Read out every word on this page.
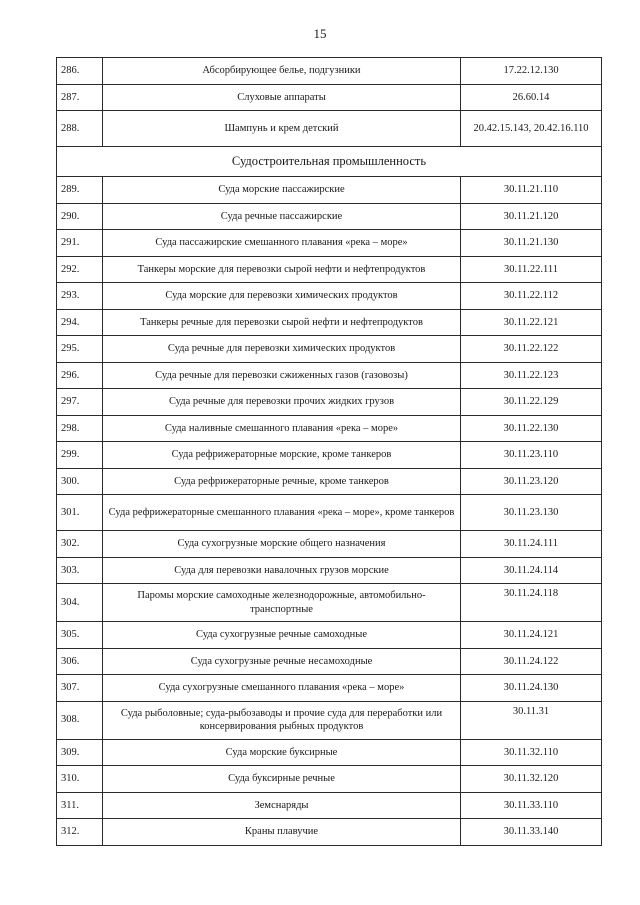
15
286.	Абсорбирующее белье, подгузники	17.22.12.130
287.	Слуховые аппараты	26.60.14
288.	Шампунь и крем детский	20.42.15.143, 20.42.16.110
Судостроительная промышленность		
289.	Суда морские пассажирские	30.11.21.110
290.	Суда речные пассажирские	30.11.21.120
291.	Суда пассажирские смешанного плавания «река – море»	30.11.21.130
292.	Танкеры морские для перевозки сырой нефти и нефтепродуктов	30.11.22.111
293.	Суда морские для перевозки химических продуктов	30.11.22.112
294.	Танкеры речные для перевозки сырой нефти и нефтепродуктов	30.11.22.121
295.	Суда речные для перевозки химических продуктов	30.11.22.122
296.	Суда речные для перевозки сжиженных газов (газовозы)	30.11.22.123
297.	Суда речные для перевозки прочих жидких грузов	30.11.22.129
298.	Суда наливные смешанного плавания «река – море»	30.11.22.130
299.	Суда рефрижераторные морские, кроме танкеров	30.11.23.110
300.	Суда рефрижераторные речные, кроме танкеров	30.11.23.120
301.	Суда рефрижераторные смешанного плавания «река – море», кроме танкеров	30.11.23.130
302.	Суда сухогрузные морские общего назначения	30.11.24.111
303.	Суда для перевозки навалочных грузов морские	30.11.24.114
304.	Паромы морские самоходные железнодорожные, автомобильно-транспортные	30.11.24.118
305.	Суда сухогрузные речные самоходные	30.11.24.121
306.	Суда сухогрузные речные несамоходные	30.11.24.122
307.	Суда сухогрузные смешанного плавания «река – море»	30.11.24.130
308.	Суда рыболовные; суда-рыбозаводы и прочие суда для переработки или консервирования рыбных продуктов	30.11.31
309.	Суда морские буксирные	30.11.32.110
310.	Суда буксирные речные	30.11.32.120
311.	Земснаряды	30.11.33.110
312.	Краны плавучие	30.11.33.140
